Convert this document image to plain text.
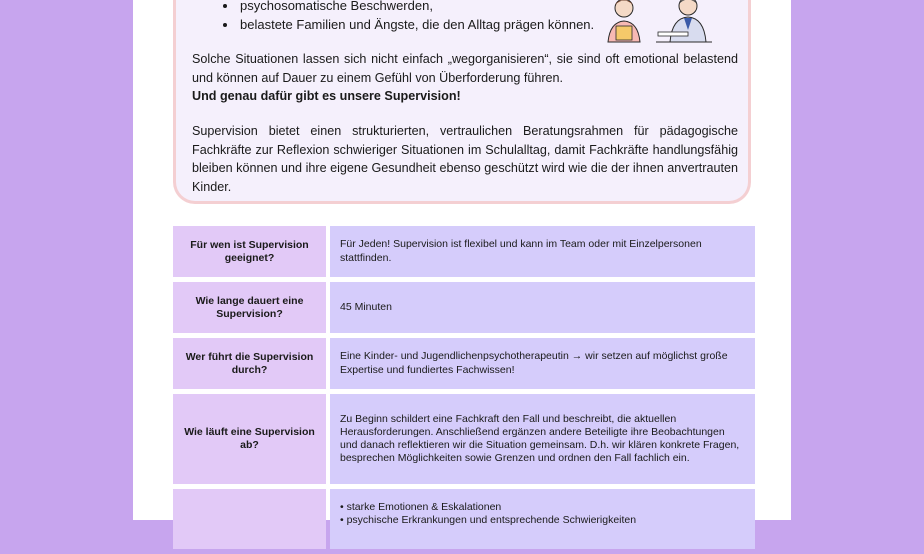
• psychosomatische Beschwerden,
• belastete Familien und Ängste, die den Alltag prägen können.

Solche Situationen lassen sich nicht einfach „wegorganisieren“, sie sind oft emotional belastend und können auf Dauer zu einem Gefühl von Überforderung führen.
Und genau dafür gibt es unsere Supervision!

Supervision bietet einen strukturierten, vertraulichen Beratungsrahmen für pädagogische Fachkräfte zur Reflexion schwieriger Situationen im Schulalltag, damit Fachkräfte handlungsfähig bleiben können und ihre eigene Gesundheit ebenso geschützt wird wie die der ihnen anvertrauten Kinder.

Für wen ist Supervision geeignet?
Für Jeden! Supervision ist flexibel und kann im Team oder mit Einzelpersonen stattfinden.
Wie lange dauert eine Supervision?
45 Minuten
Wer führt die Supervision durch?
Eine Kinder- und Jugendlichenpsychotherapeutin → wir setzen auf möglichst große Expertise und fundiertes Fachwissen!
Wie läuft eine Supervision ab?
Zu Beginn schildert eine Fachkraft den Fall und beschreibt, die aktuellen Herausforderungen. Anschließend ergänzen andere Beteiligte ihre Beobachtungen und danach reflektieren wir die Situation gemeinsam. D.h. wir klären konkrete Fragen, besprechen Möglichkeiten sowie Grenzen und ordnen den Fall fachlich ein.
• starke Emotionen & Eskalationen
• psychische Erkrankungen und entsprechende Schwierigkeiten
